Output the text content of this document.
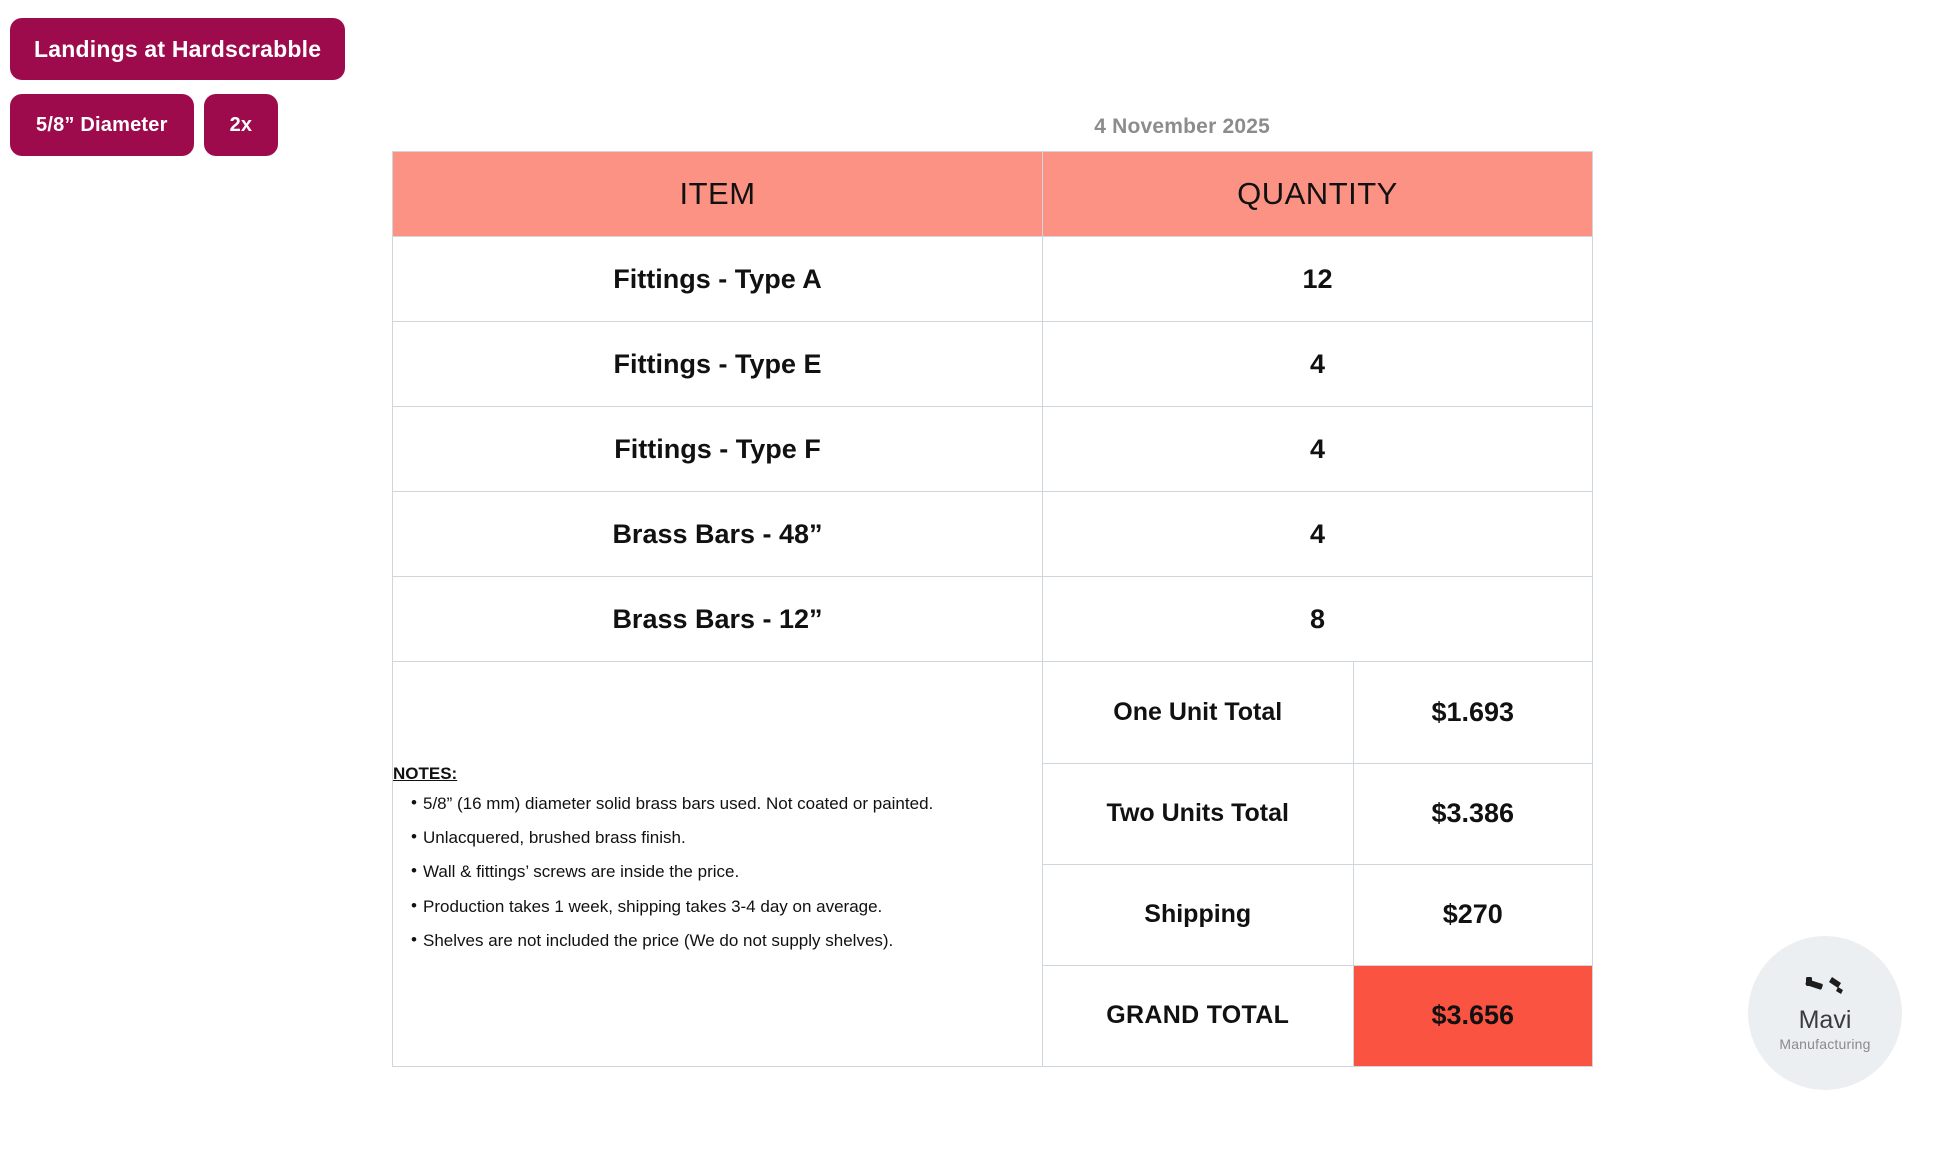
Landings at Hardscrabble
5/8” Diameter	2x	4 November 2025
ITEM	QUANTITY
Fittings - Type A	12
Fittings - Type E	4
Fittings - Type F	4
Brass Bars - 48”	4
Brass Bars - 12”	8

NOTES:
• 5/8” (16 mm) diameter solid brass bars used. Not coated or painted.
• Unlacquered, brushed brass finish.
• Wall & fittings’ screws are inside the price.
• Production takes 1 week, shipping takes 3-4 day on average.
• Shelves are not included the price (We do not supply shelves).

One Unit Total	$1.693
Two Units Total	$3.386
Shipping	$270
GRAND TOTAL	$3.656	Mavi
Manufacturing
